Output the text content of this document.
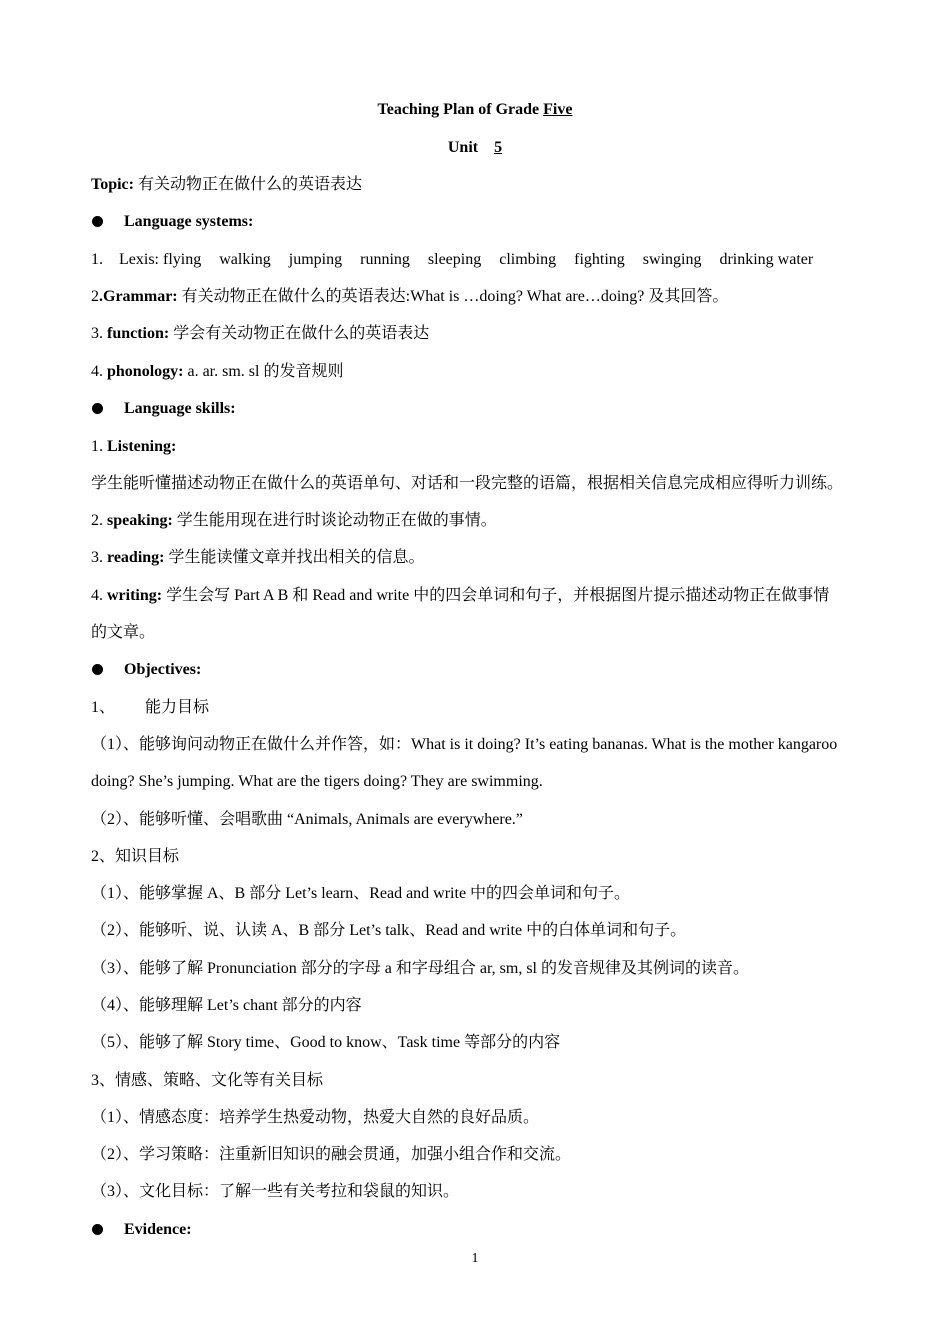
Teaching Plan of Grade Five
Unit 5
Topic: 有关动物正在做什么的英语表达
Language systems:
1. Lexis: flying walking jumping running sleeping climbing fighting swinging drinking water
2.Grammar: 有关动物正在做什么的英语表达:What is …doing? What are…doing? 及其回答。
3. function: 学会有关动物正在做什么的英语表达
4. phonology: a. ar. sm. sl 的发音规则
Language skills:
1. Listening:
学生能听懂描述动物正在做什么的英语单句、对话和一段完整的语篇，根据相关信息完成相应得听力训练。
2. speaking: 学生能用现在进行时谈论动物正在做的事情。
3. reading: 学生能读懂文章并找出相关的信息。
4. writing: 学生会写 Part A B 和 Read and write 中的四会单词和句子，并根据图片提示描述动物正在做事情
的文章。
Objectives:
1、 能力目标
（1）、能够询问动物正在做什么并作答，如：What is it doing? It’s eating bananas. What is the mother kangaroo
doing? She’s jumping. What are the tigers doing? They are swimming.
（2）、能够听懂、会唱歌曲 “Animals, Animals are everywhere.”
2、知识目标
（1）、能够掌握 A、B 部分 Let’s learn、Read and write 中的四会单词和句子。
（2）、能够听、说、认读 A、B 部分 Let’s talk、Read and write 中的白体单词和句子。
（3）、能够了解 Pronunciation 部分的字母 a 和字母组合 ar, sm, sl 的发音规律及其例词的读音。
（4）、能够理解 Let’s chant 部分的内容
（5）、能够了解 Story time、Good to know、Task time 等部分的内容
3、情感、策略、文化等有关目标
（1）、情感态度：培养学生热爱动物，热爱大自然的良好品质。
（2）、学习策略：注重新旧知识的融会贯通，加强小组合作和交流。
（3）、文化目标：了解一些有关考拉和袋鼠的知识。
Evidence:
1
